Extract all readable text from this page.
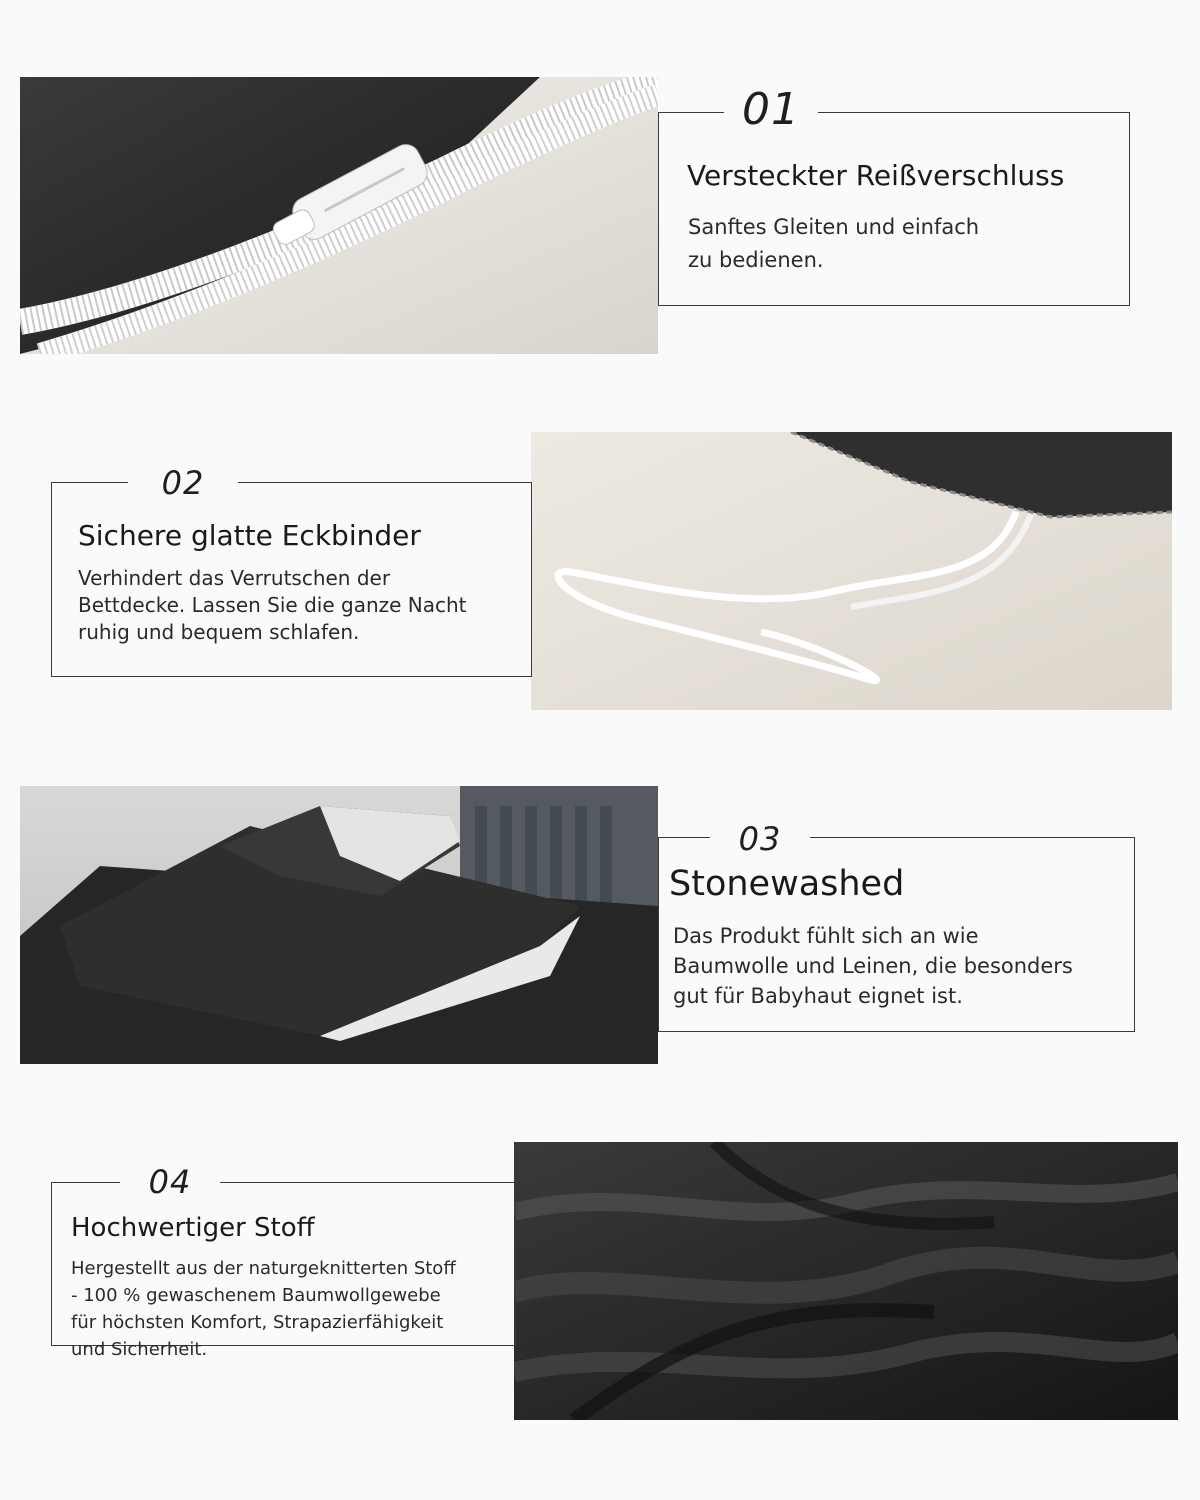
01
Versteckter Reißverschluss
Sanftes Gleiten und einfach
zu bedienen.
02
Sichere glatte Eckbinder
Verhindert das Verrutschen der
Bettdecke. Lassen Sie die ganze Nacht
ruhig und bequem schlafen.
03
Stonewashed
Das Produkt fühlt sich an wie
Baumwolle und Leinen, die besonders
gut für Babyhaut eignet ist.
04
Hochwertiger Stoff
Hergestellt aus der naturgeknitterten Stoff
- 100 % gewaschenem Baumwollgewebe
für höchsten Komfort, Strapazierfähigkeit
und Sicherheit.
